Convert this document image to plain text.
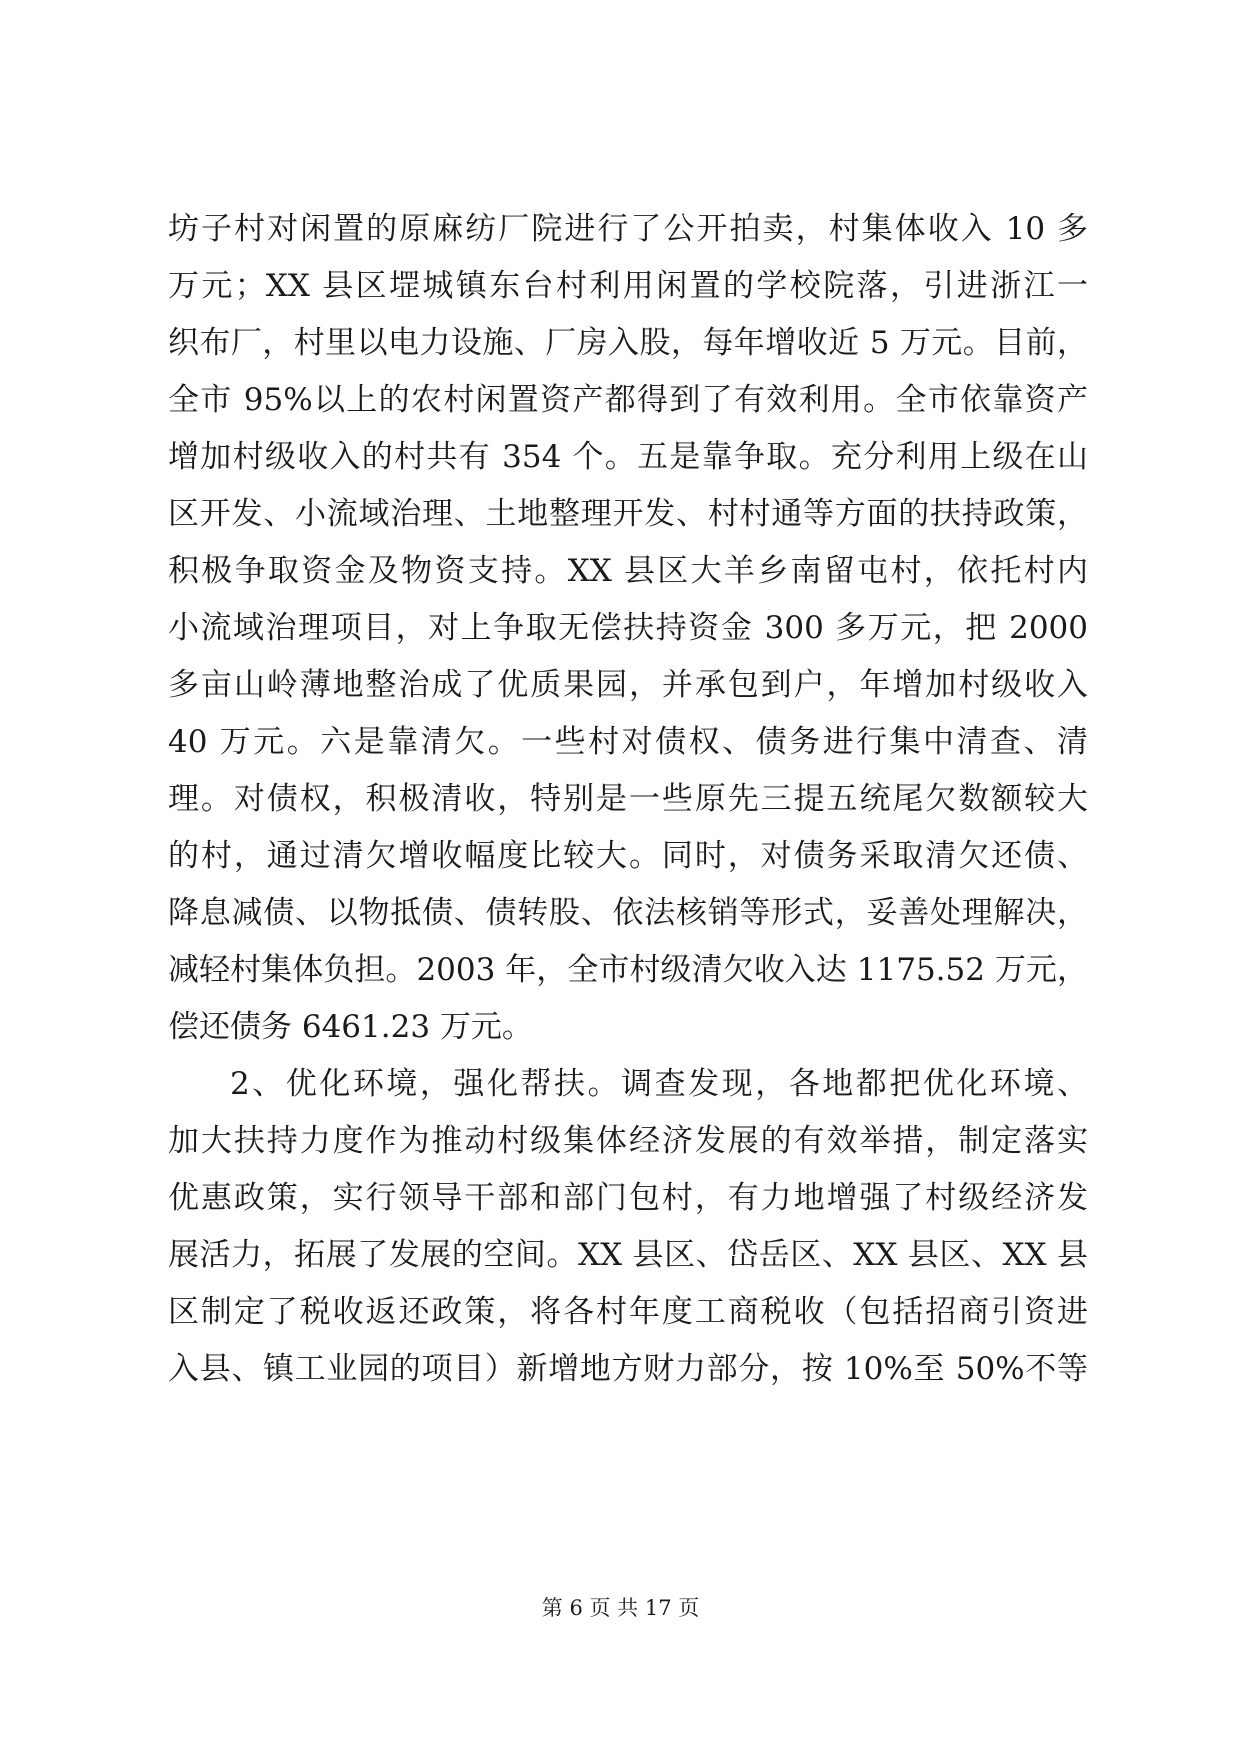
坊子村对闲置的原麻纺厂院进行了公开拍卖，村集体收入 10 多
万元；XX 县区堽城镇东台村利用闲置的学校院落，引进浙江一
织布厂，村里以电力设施、厂房入股，每年增收近 5 万元。目前，
全市 95%以上的农村闲置资产都得到了有效利用。全市依靠资产
增加村级收入的村共有 354 个。五是靠争取。充分利用上级在山
区开发、小流域治理、土地整理开发、村村通等方面的扶持政策，
积极争取资金及物资支持。XX 县区大羊乡南留屯村，依托村内
小流域治理项目，对上争取无偿扶持资金 300 多万元，把 2000
多亩山岭薄地整治成了优质果园，并承包到户，年增加村级收入
40 万元。六是靠清欠。一些村对债权、债务进行集中清查、清
理。对债权，积极清收，特别是一些原先三提五统尾欠数额较大
的村，通过清欠增收幅度比较大。同时，对债务采取清欠还债、
降息减债、以物抵债、债转股、依法核销等形式，妥善处理解决，
减轻村集体负担。2003 年，全市村级清欠收入达 1175.52 万元，
偿还债务 6461.23 万元。
2、优化环境，强化帮扶。调查发现，各地都把优化环境、
加大扶持力度作为推动村级集体经济发展的有效举措，制定落实
优惠政策，实行领导干部和部门包村，有力地增强了村级经济发
展活力，拓展了发展的空间。XX 县区、岱岳区、XX 县区、XX 县
区制定了税收返还政策，将各村年度工商税收（包括招商引资进
入县、镇工业园的项目）新增地方财力部分，按 10%至 50%不等
第 6 页 共 17 页
